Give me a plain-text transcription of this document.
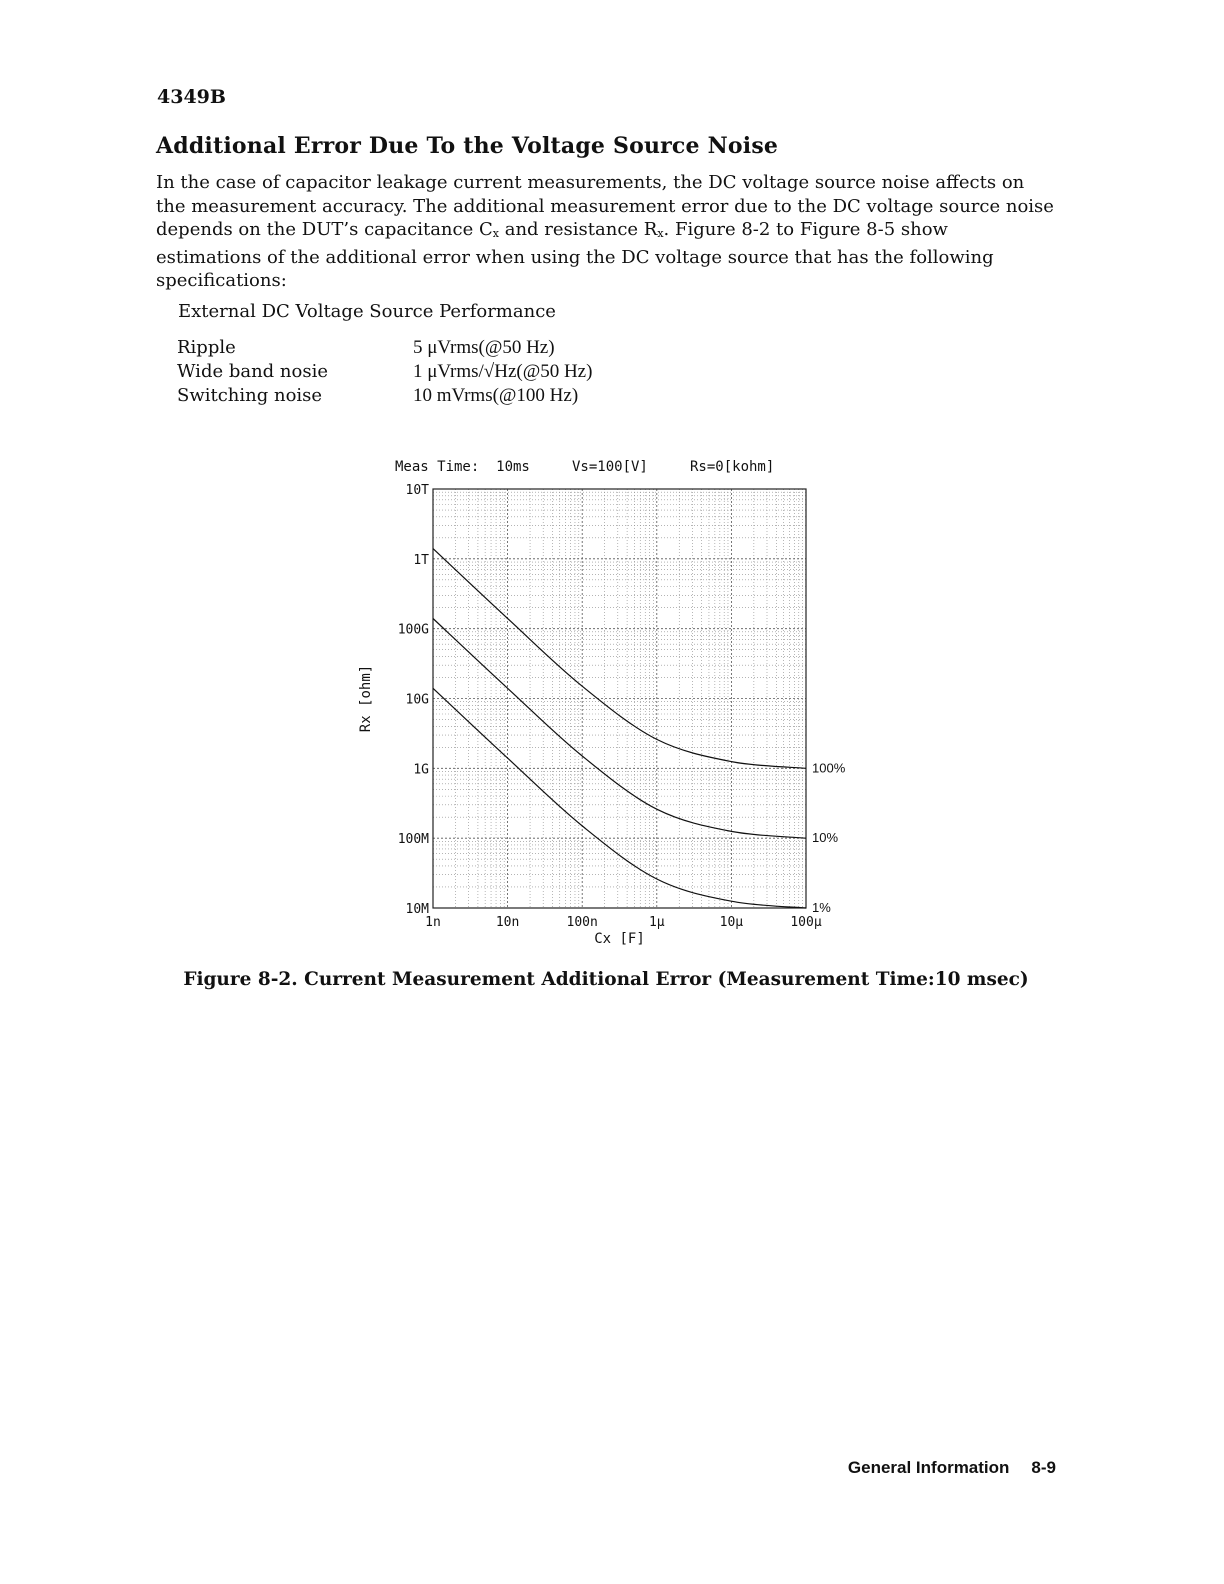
4349B
Additional Error Due To the Voltage Source Noise
In the case of capacitor leakage current measurements, the DC voltage source noise affects on the measurement accuracy. The additional measurement error due to the DC voltage source noise depends on the DUT’s capacitance $C_x$ and resistance $R_x$. Figure 8-2 to Figure 8-5 show estimations of the additional error when using the DC voltage source that has the following specifications:
External DC Voltage Source Performance
Ripple	5 μVrms(@50 Hz)
Wide band nosie	1 μVrms/√Hz(@50 Hz)
Switching noise	10 mVrms(@100 Hz)
Meas Time:  10ms     Vs=100[V]     Rs=0[kohm]
10M
100M
1G
10G
100G
1T
10T
1n	10n	100n	1μ	10μ	100μ
100%
10%
1%
Cx [F]
Rx [ohm]
Figure 8-2. Current Measurement Additional Error (Measurement Time:10 msec)
General Information 8-9
